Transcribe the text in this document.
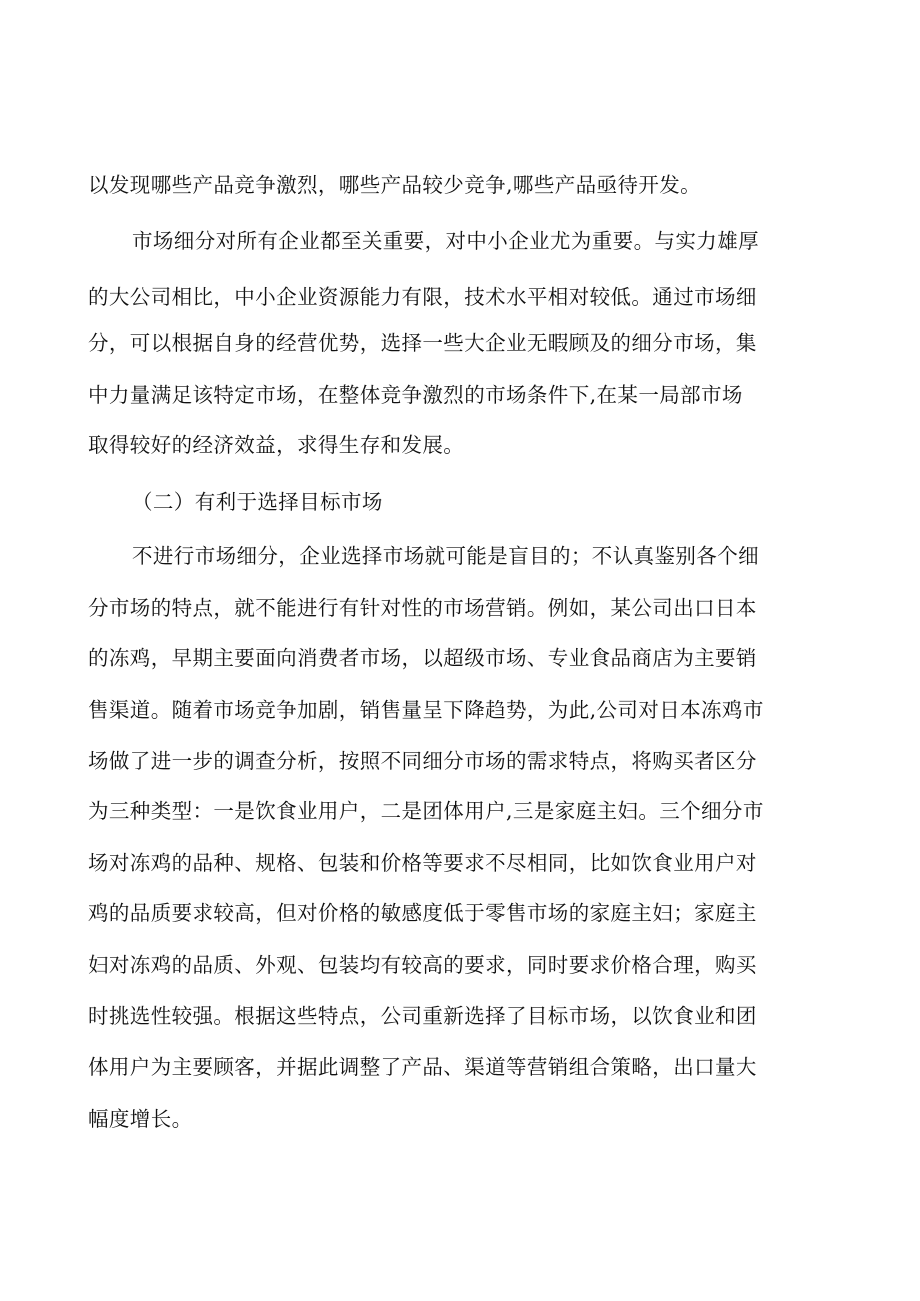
以发现哪些产品竞争激烈，哪些产品较少竞争,哪些产品亟待开发。

市场细分对所有企业都至关重要，对中小企业尤为重要。与实力雄厚

的大公司相比，中小企业资源能力有限，技术水平相对较低。通过市场细

分，可以根据自身的经营优势，选择一些大企业无暇顾及的细分市场，集

中力量满足该特定市场，在整体竞争激烈的市场条件下,在某一局部市场

取得较好的经济效益，求得生存和发展。

（二）有利于选择目标市场

不进行市场细分，企业选择市场就可能是盲目的；不认真鉴别各个细

分市场的特点，就不能进行有针对性的市场营销。例如，某公司出口日本

的冻鸡，早期主要面向消费者市场，以超级市场、专业食品商店为主要销

售渠道。随着市场竞争加剧，销售量呈下降趋势，为此,公司对日本冻鸡市

场做了进一步的调查分析，按照不同细分市场的需求特点，将购买者区分

为三种类型：一是饮食业用户，二是团体用户,三是家庭主妇。三个细分市

场对冻鸡的品种、规格、包装和价格等要求不尽相同，比如饮食业用户对

鸡的品质要求较高，但对价格的敏感度低于零售市场的家庭主妇；家庭主

妇对冻鸡的品质、外观、包装均有较高的要求，同时要求价格合理，购买

时挑选性较强。根据这些特点，公司重新选择了目标市场，以饮食业和团

体用户为主要顾客，并据此调整了产品、渠道等营销组合策略，出口量大

幅度增长。
